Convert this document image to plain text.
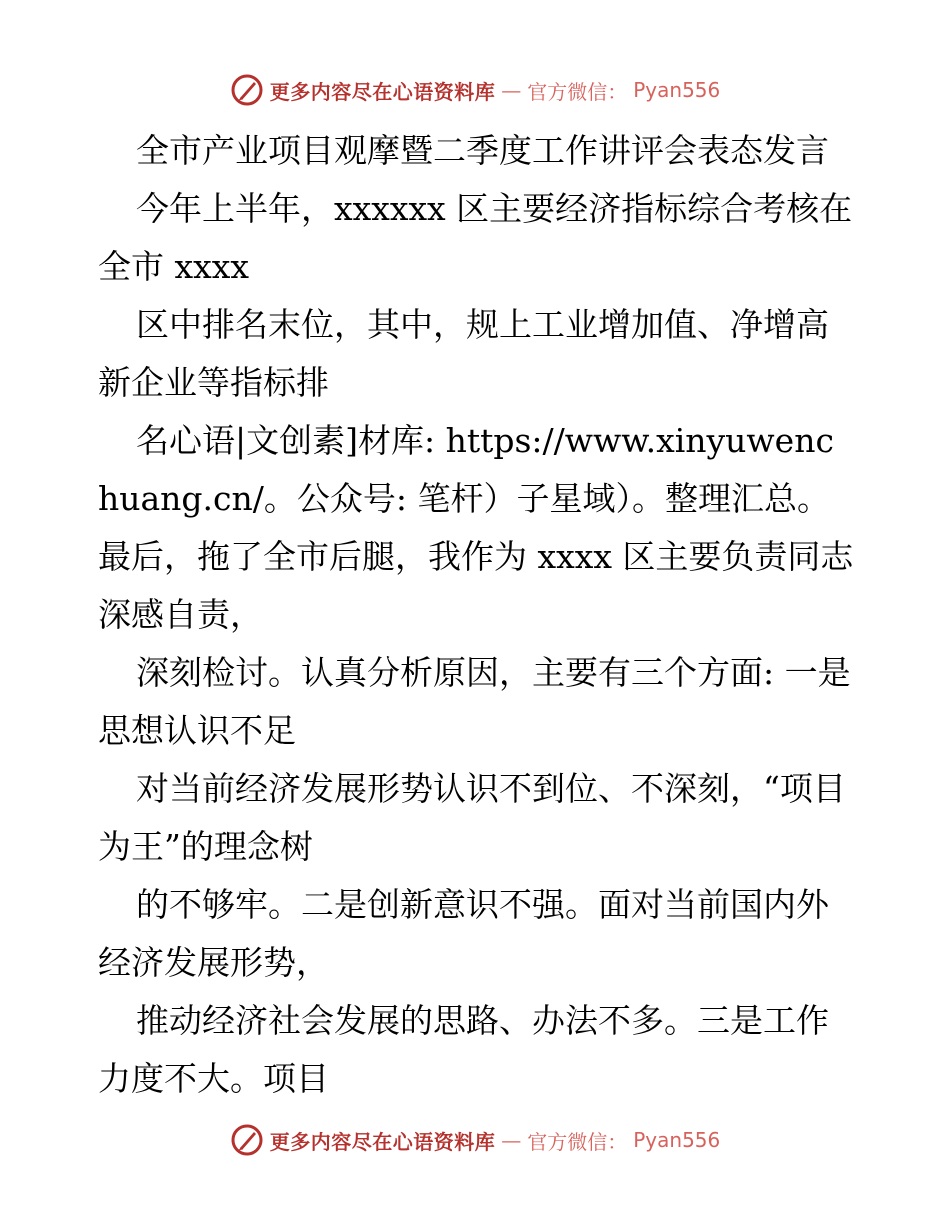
更多内容尽在心语资料库 — 官方微信： Pyan556

全市产业项目观摩暨二季度工作讲评会表态发言

今年上半年，xxxxxx 区主要经济指标综合考核在全市 xxxx

区中排名末位，其中，规上工业增加值、净增高新企业等指标排

名心语|文创素]材库: https://www.xinyuwenchuang.cn/。公众号: 笔杆）子星域）。整理汇总。最后，拖了全市后腿，我作为 xxxx 区主要负责同志深感自责，

深刻检讨。认真分析原因，主要有三个方面: 一是思想认识不足

对当前经济发展形势认识不到位、不深刻，“项目为王”的理念树

的不够牢。二是创新意识不强。面对当前国内外经济发展形势，

推动经济社会发展的思路、办法不多。三是工作力度不大。项目

更多内容尽在心语资料库 — 官方微信： Pyan556
